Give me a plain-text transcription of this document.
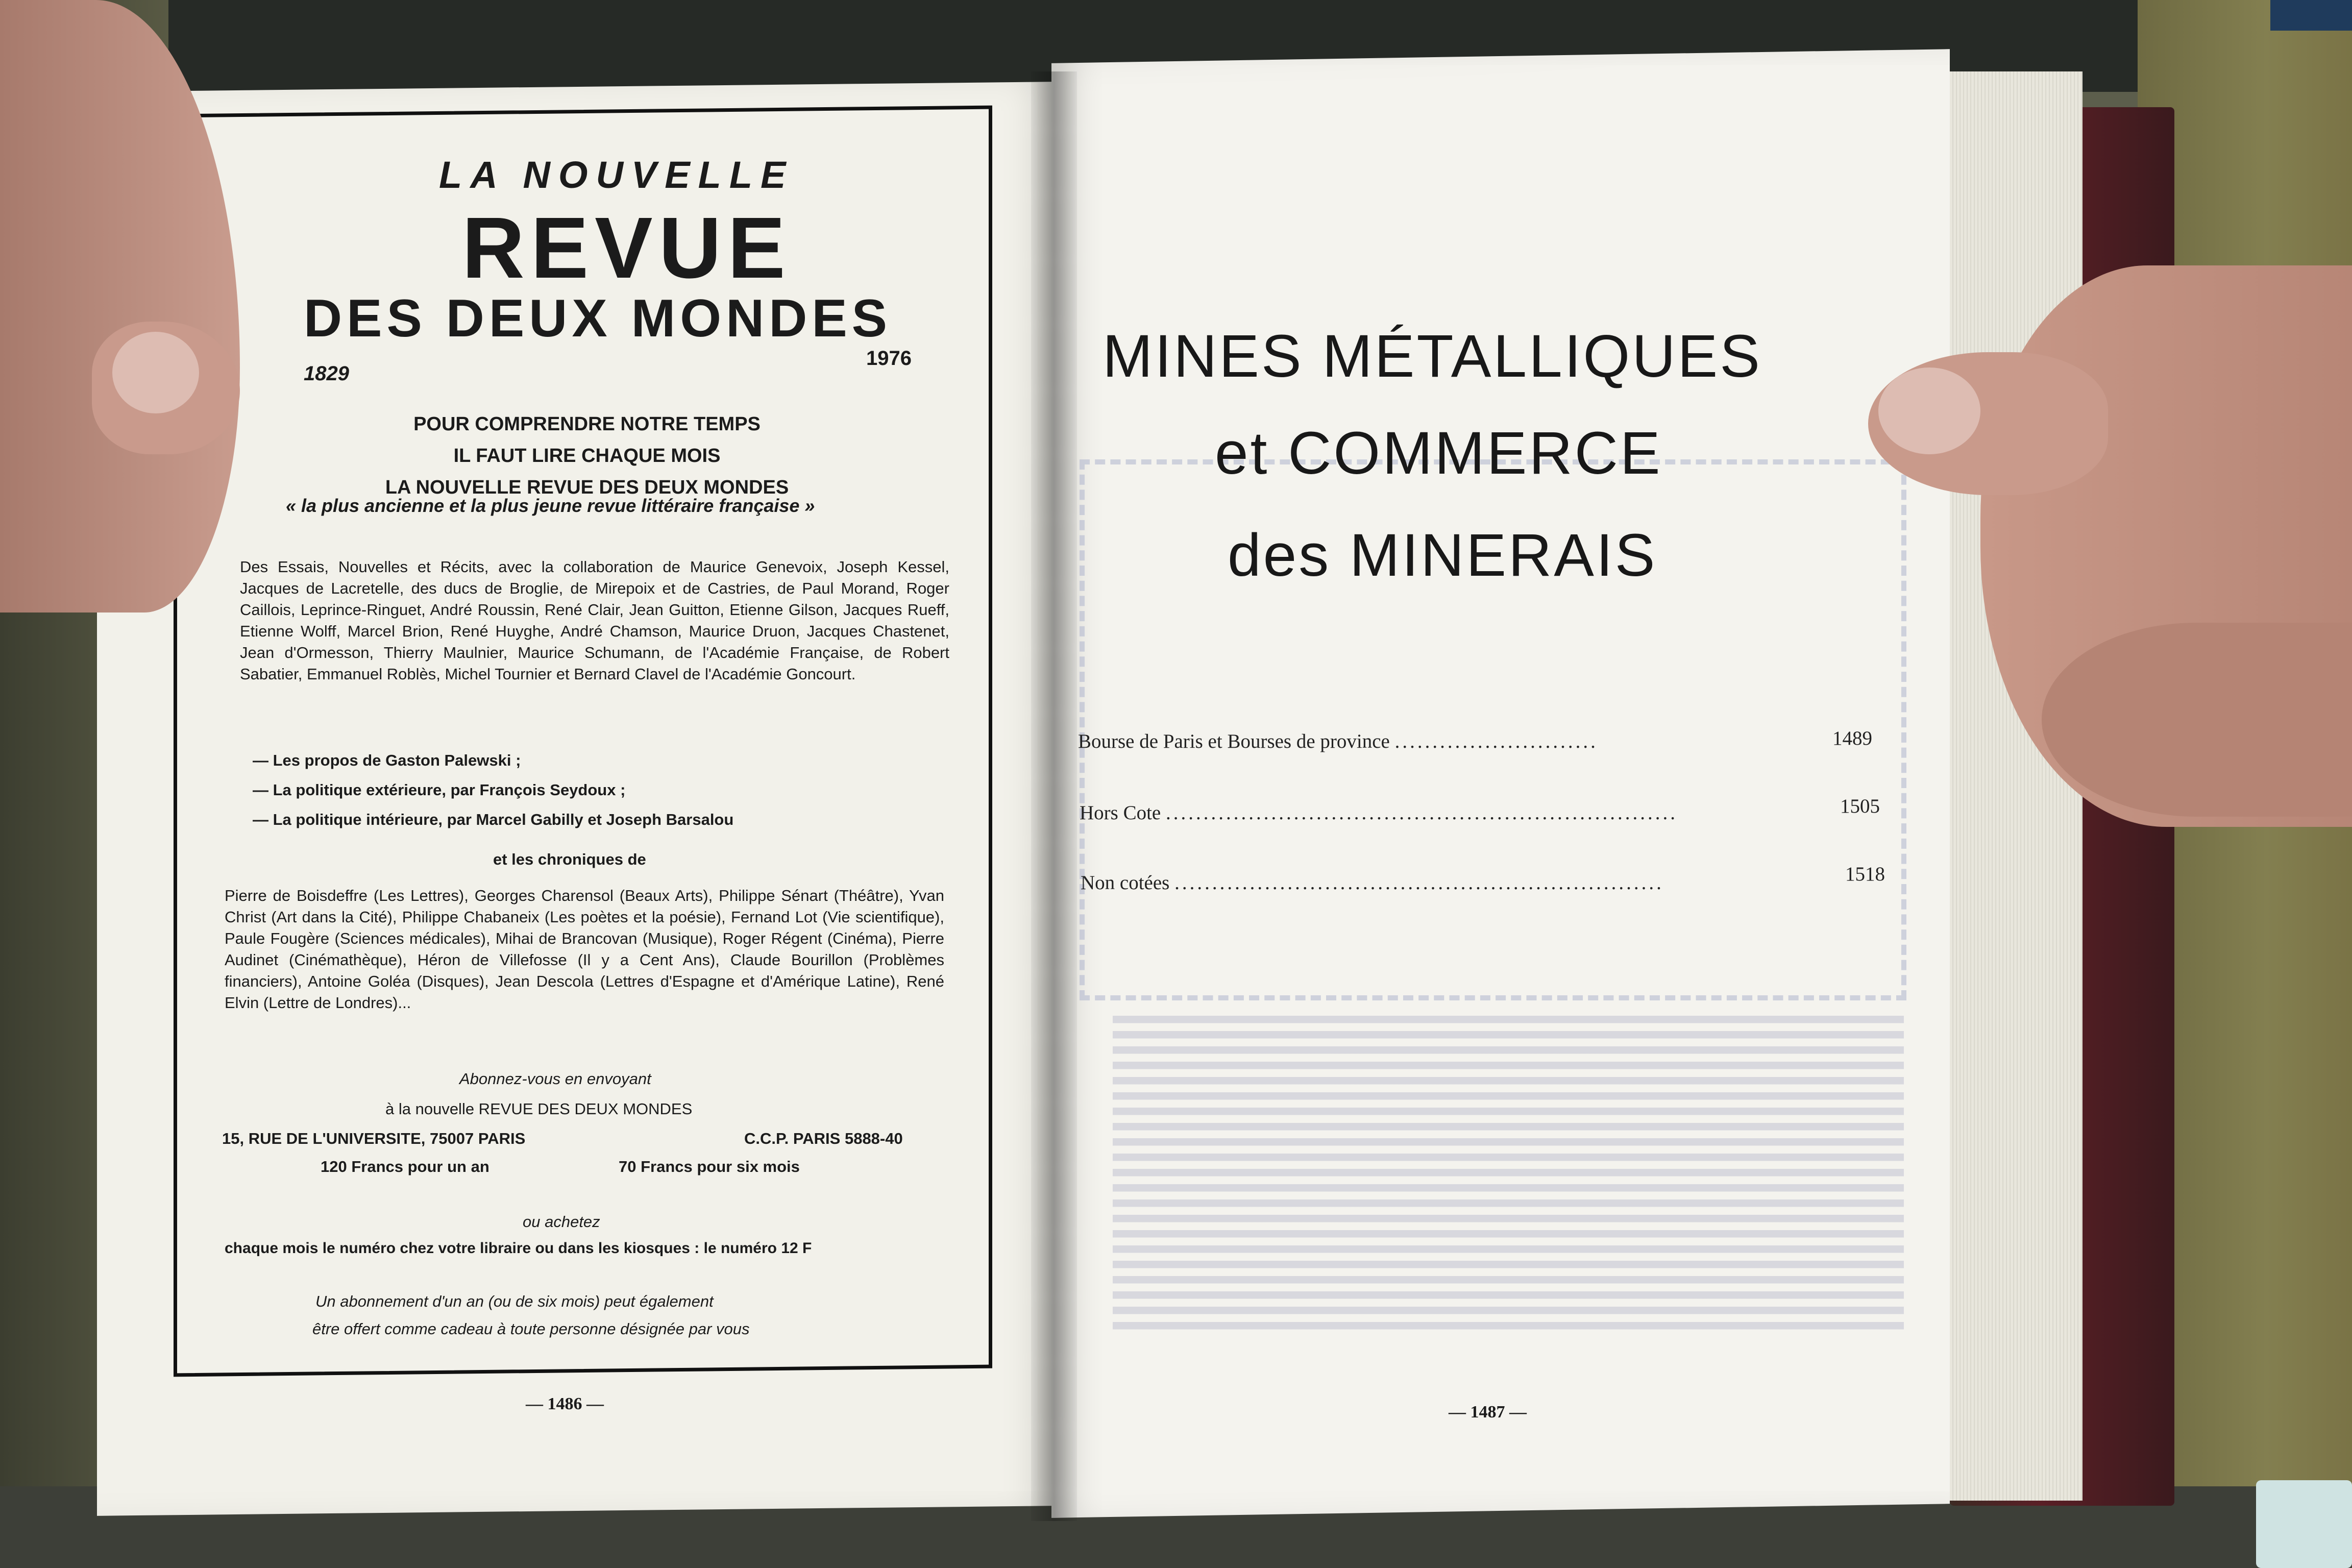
LA NOUVELLE
REVUE
DES DEUX MONDES
1829
1976
POUR COMPRENDRE NOTRE TEMPS
IL FAUT LIRE CHAQUE MOIS
LA NOUVELLE REVUE DES DEUX MONDES
« la plus ancienne et la plus jeune revue littéraire française »
Des Essais, Nouvelles et Récits, avec la collaboration de Maurice Genevoix, Joseph Kessel, Jacques de Lacretelle, des ducs de Broglie, de Mirepoix et de Castries, de Paul Morand, Roger Caillois, Leprince-Ringuet, André Roussin, René Clair, Jean Guitton, Etienne Gilson, Jacques Rueff, Etienne Wolff, Marcel Brion, René Huyghe, André Chamson, Maurice Druon, Jacques Chastenet, Jean d'Ormesson, Thierry Maulnier, Maurice Schumann, de l'Académie Française, de Robert Sabatier, Emmanuel Roblès, Michel Tournier et Bernard Clavel de l'Académie Goncourt.
— Les propos de Gaston Palewski ;
— La politique extérieure, par François Seydoux ;
— La politique intérieure, par Marcel Gabilly et Joseph Barsalou
et les chroniques de
Pierre de Boisdeffre (Les Lettres), Georges Charensol (Beaux Arts), Philippe Sénart (Théâtre), Yvan Christ (Art dans la Cité), Philippe Chabaneix (Les poètes et la poésie), Fernand Lot (Vie scientifique), Paule Fougère (Sciences médicales), Mihai de Brancovan (Musique), Roger Régent (Cinéma), Pierre Audinet (Cinémathèque), Héron de Villefosse (Il y a Cent Ans), Claude Bourillon (Problèmes financiers), Antoine Goléa (Disques), Jean Descola (Lettres d'Espagne et d'Amérique Latine), René Elvin (Lettre de Londres)...
Abonnez-vous en envoyant
à la nouvelle REVUE DES DEUX MONDES
15, RUE DE L'UNIVERSITE, 75007 PARIS	C.C.P. PARIS 5888-40
120 Francs pour un an	70 Francs pour six mois
ou achetez
chaque mois le numéro chez votre libraire ou dans les kiosques : le numéro 12 F
Un abonnement d'un an (ou de six mois) peut également
être offert comme cadeau à toute personne désignée par vous
— 1486 —
MINES MÉTALLIQUES
et COMMERCE
des MINERAIS
Bourse de Paris et Bourses de province ...........................	1489
Hors Cote ....................................................................	1505
Non cotées .................................................................	1518
— 1487 —
